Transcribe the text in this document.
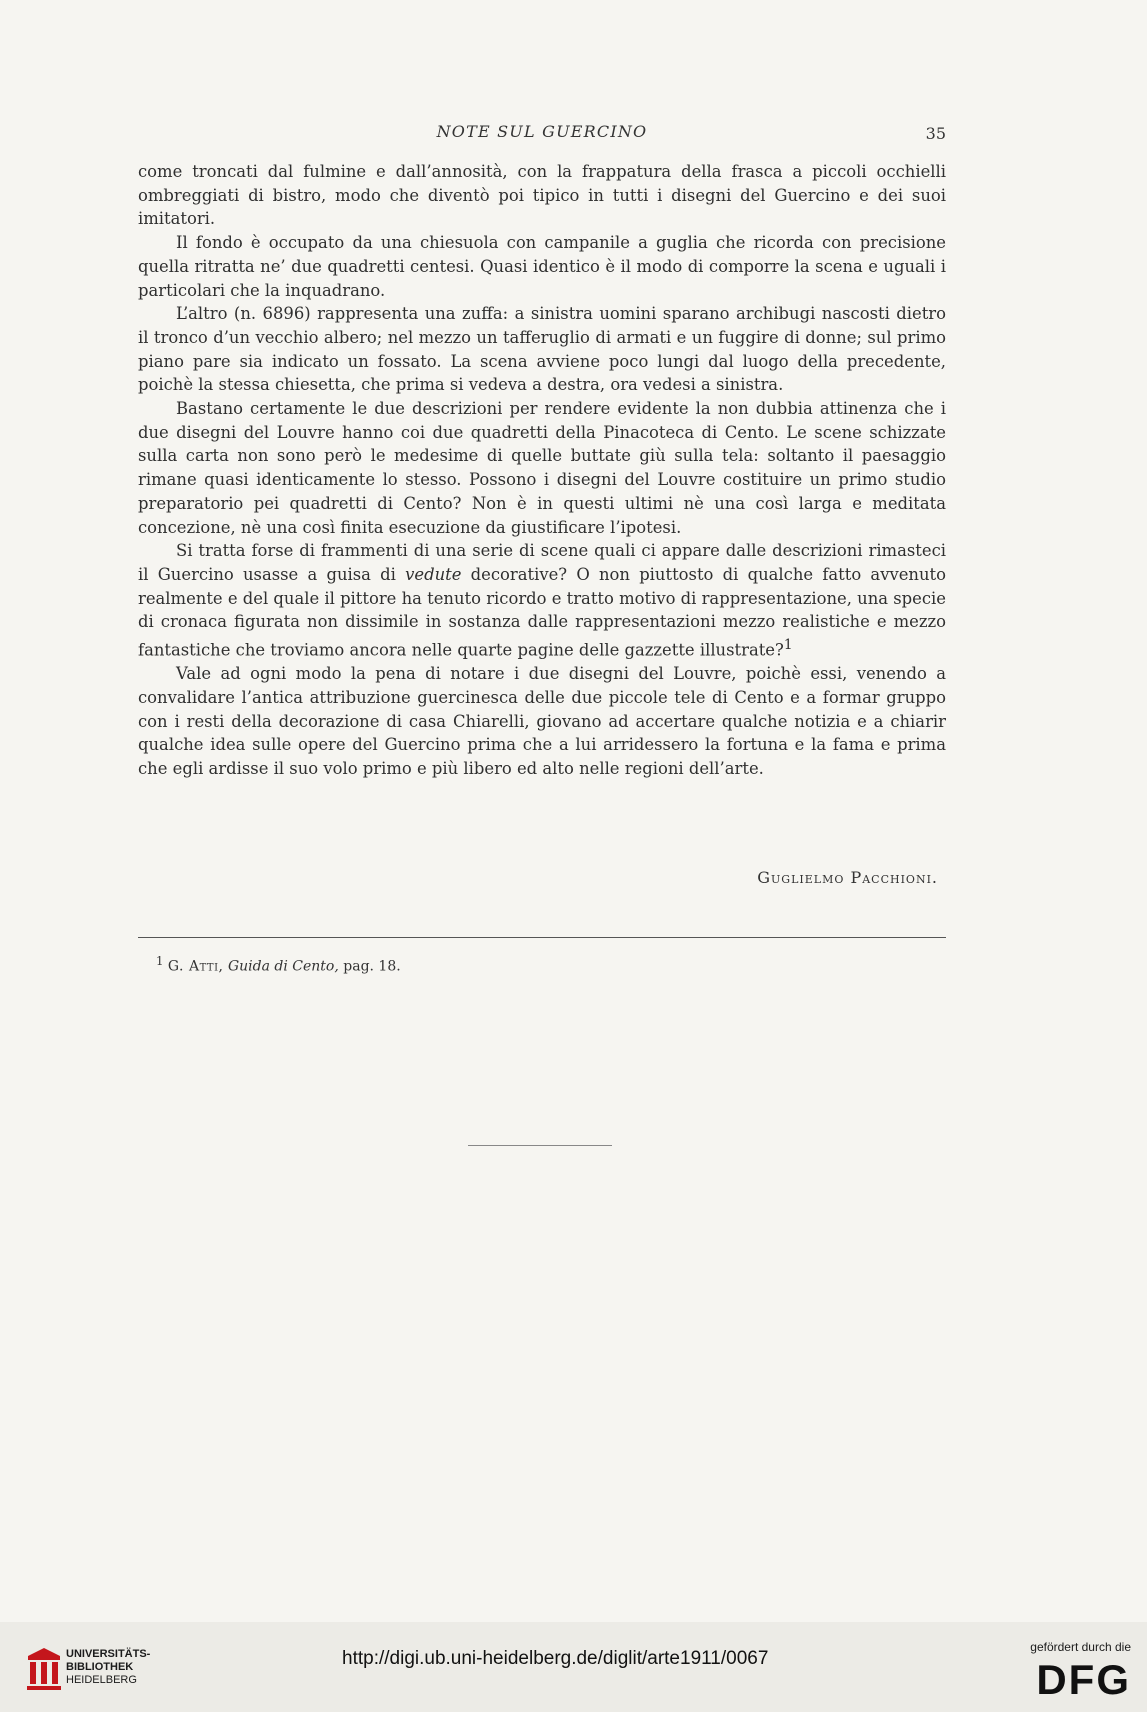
NOTE SUL GUERCINO	35

come troncati dal fulmine e dall’annosità, con la frappatura della frasca a piccoli occhielli ombreggiati di bistro, modo che diventò poi tipico in tutti i disegni del Guercino e dei suoi imitatori.

Il fondo è occupato da una chiesuola con campanile a guglia che ricorda con precisione quella ritratta ne’ due quadretti centesi. Quasi identico è il modo di comporre la scena e uguali i particolari che la inquadrano.

L’altro (n. 6896) rappresenta una zuffa: a sinistra uomini sparano archibugi nascosti dietro il tronco d’un vecchio albero; nel mezzo un tafferuglio di armati e un fuggire di donne; sul primo piano pare sia indicato un fossato. La scena avviene poco lungi dal luogo della precedente, poichè la stessa chiesetta, che prima si vedeva a destra, ora vedesi a sinistra.

Bastano certamente le due descrizioni per rendere evidente la non dubbia attinenza che i due disegni del Louvre hanno coi due quadretti della Pinacoteca di Cento. Le scene schizzate sulla carta non sono però le medesime di quelle buttate giù sulla tela: soltanto il paesaggio rimane quasi identicamente lo stesso. Possono i disegni del Louvre costituire un primo studio preparatorio pei quadretti di Cento? Non è in questi ultimi nè una così larga e meditata concezione, nè una così finita esecuzione da giustificare l’ipotesi.

Si tratta forse di frammenti di una serie di scene quali ci appare dalle descrizioni rimasteci il Guercino usasse a guisa di vedute decorative? O non piuttosto di qualche fatto avvenuto realmente e del quale il pittore ha tenuto ricordo e tratto motivo di rappresentazione, una specie di cronaca figurata non dissimile in sostanza dalle rappresentazioni mezzo realistiche e mezzo fantastiche che troviamo ancora nelle quarte pagine delle gazzette illustrate?$^1$

Vale ad ogni modo la pena di notare i due disegni del Louvre, poichè essi, venendo a convalidare l’antica attribuzione guercinesca delle due piccole tele di Cento e a formar gruppo con i resti della decorazione di casa Chiarelli, giovano ad accertare qualche notizia e a chiarir qualche idea sulle opere del Guercino prima che a lui arridessero la fortuna e la fama e prima che egli ardisse il suo volo primo e più libero ed alto nelle regioni dell’arte.

Guglielmo Pacchioni.
$^1$ G. Atti, Guida di Cento, pag. 18.
UNIVERSITÄTS-
BIBLIOTHEK
HEIDELBERG
http://digi.ub.uni-heidelberg.de/diglit/arte1911/0067
gefördert durch die
DFG
